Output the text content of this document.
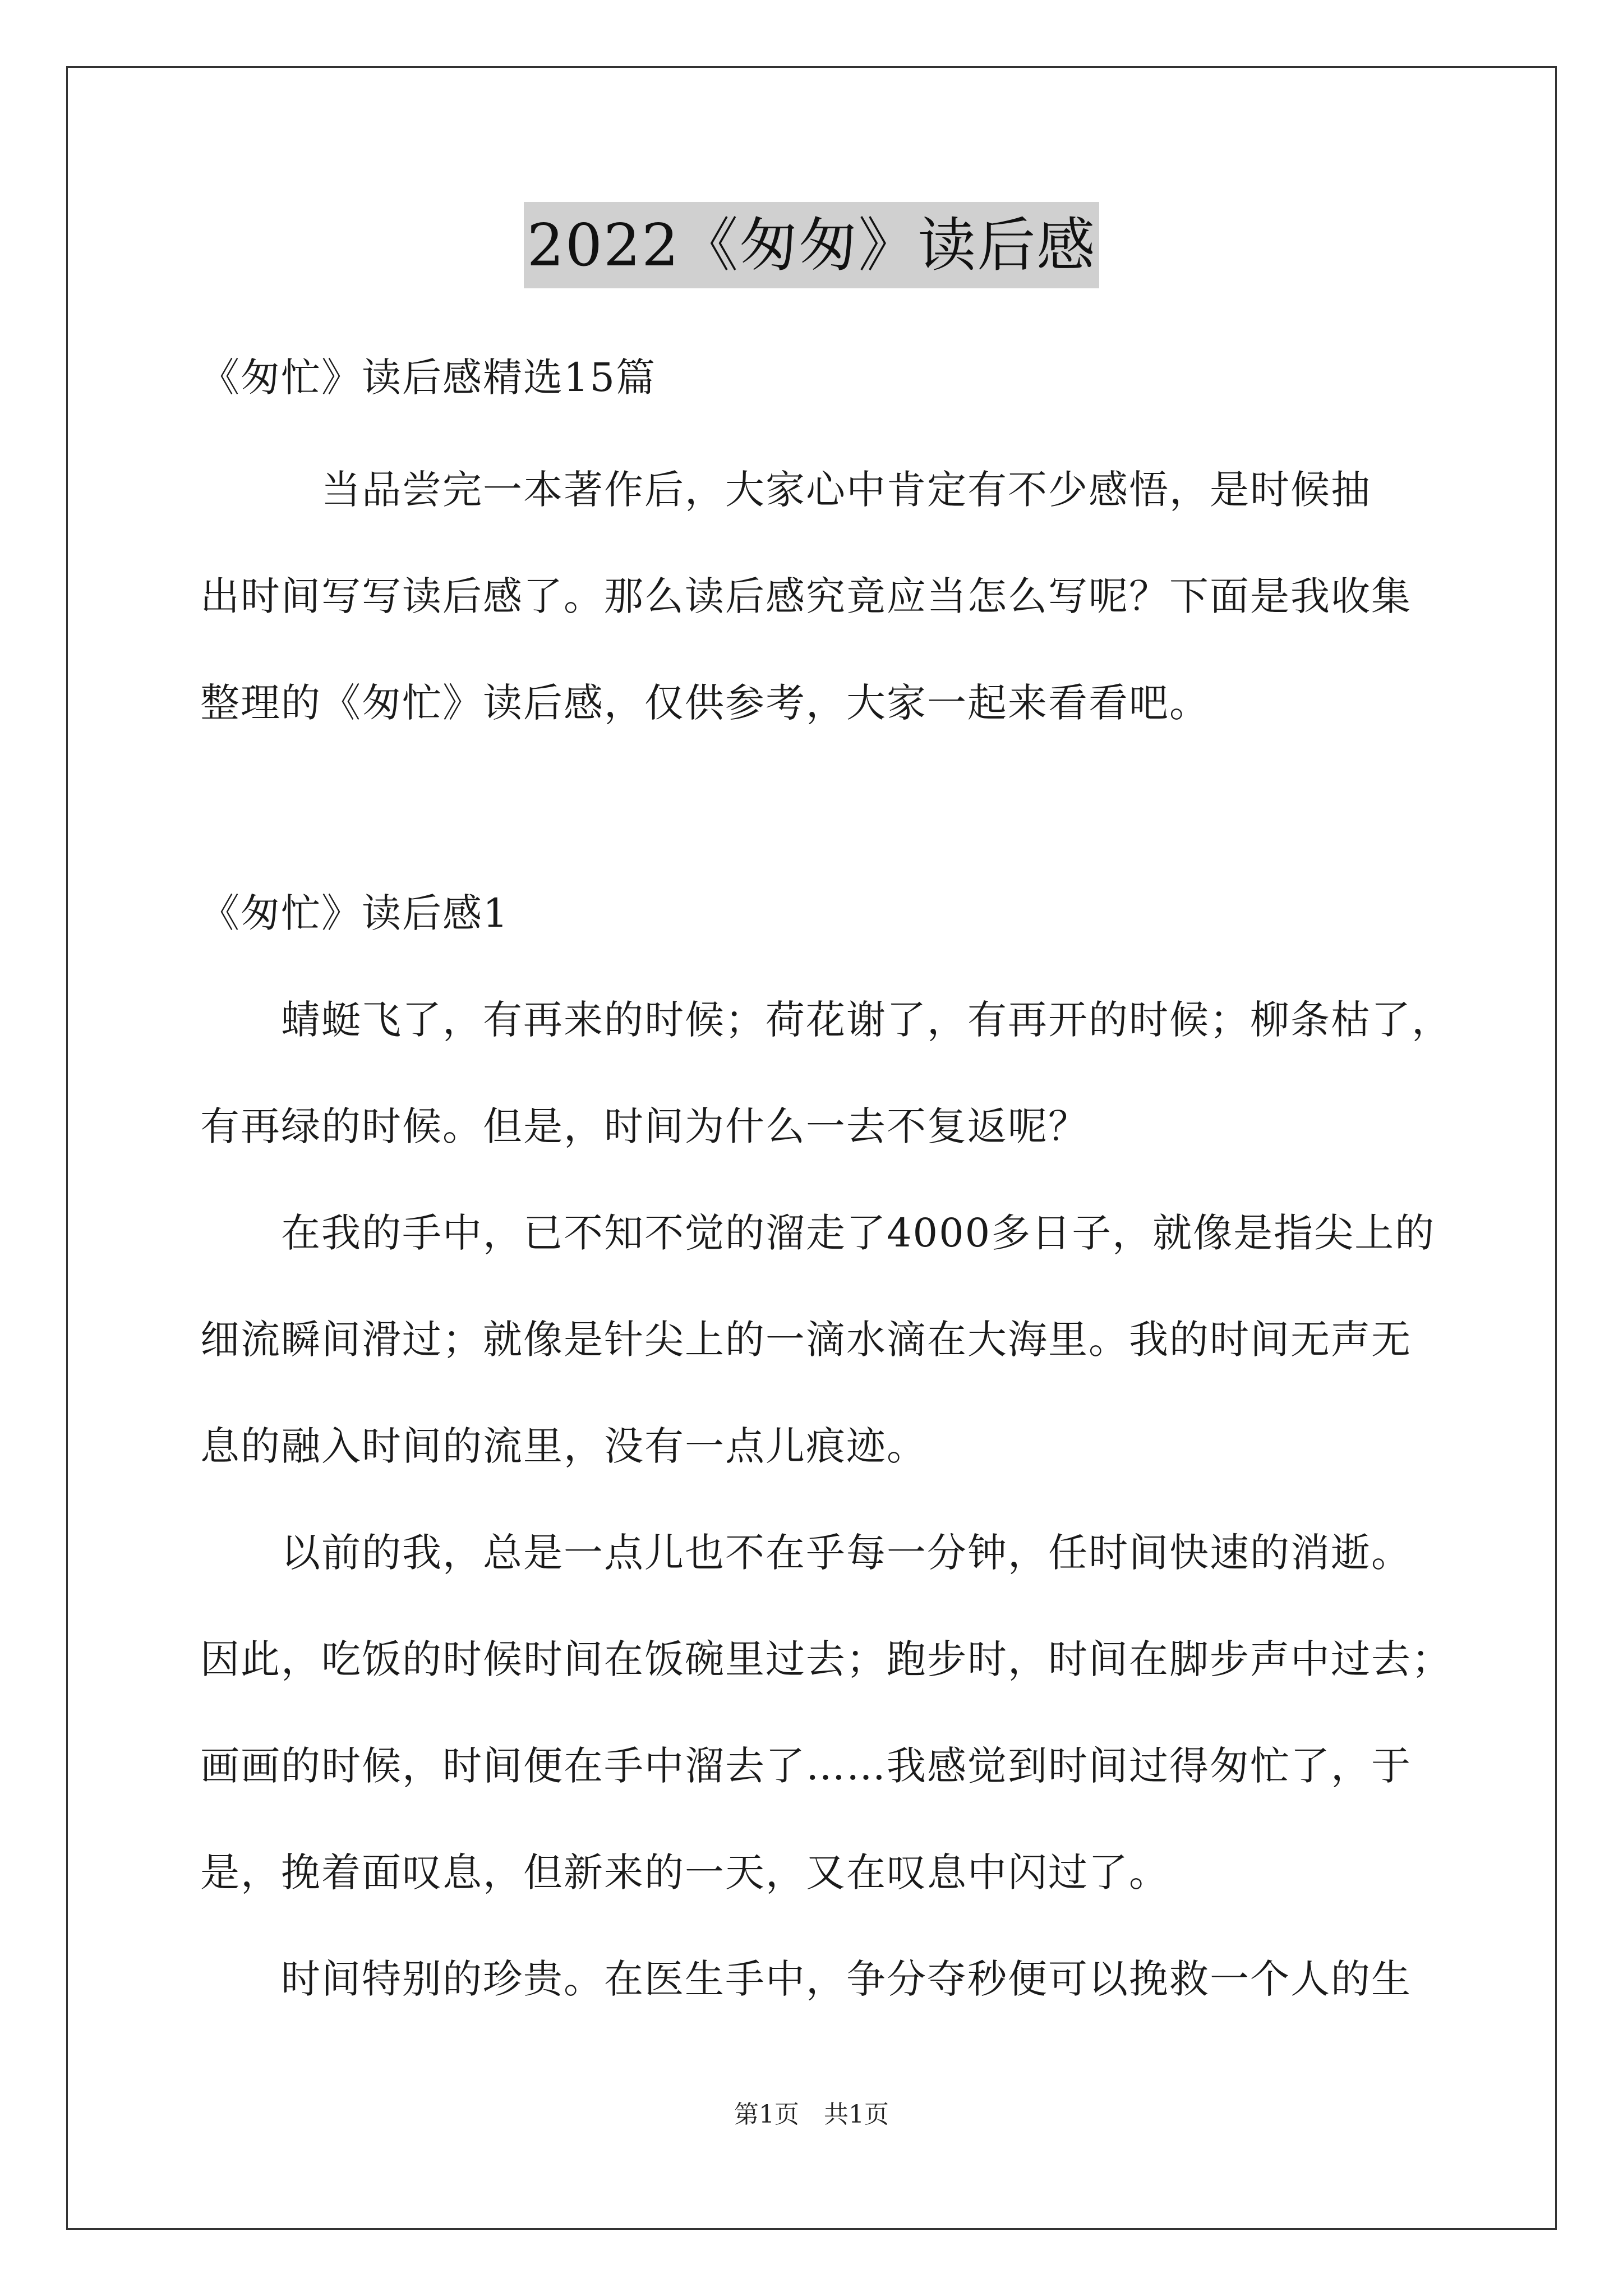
2022《匆匆》读后感
《匆忙》读后感精选15篇
　　　当品尝完一本著作后，大家心中肯定有不少感悟，是时候抽
出时间写写读后感了。那么读后感究竟应当怎么写呢？下面是我收集
整理的《匆忙》读后感，仅供参考，大家一起来看看吧。
《匆忙》读后感1
　　蜻蜓飞了，有再来的时候；荷花谢了，有再开的时候；柳条枯了，
有再绿的时候。但是，时间为什么一去不复返呢？
　　在我的手中，已不知不觉的溜走了4000多日子，就像是指尖上的
细流瞬间滑过；就像是针尖上的一滴水滴在大海里。我的时间无声无
息的融入时间的流里，没有一点儿痕迹。
　　以前的我，总是一点儿也不在乎每一分钟，任时间快速的消逝。
因此，吃饭的时候时间在饭碗里过去；跑步时，时间在脚步声中过去；
画画的时候，时间便在手中溜去了……我感觉到时间过得匆忙了，于
是，挽着面叹息，但新来的一天，又在叹息中闪过了。
　　时间特别的珍贵。在医生手中，争分夺秒便可以挽救一个人的生
第1页　共1页
